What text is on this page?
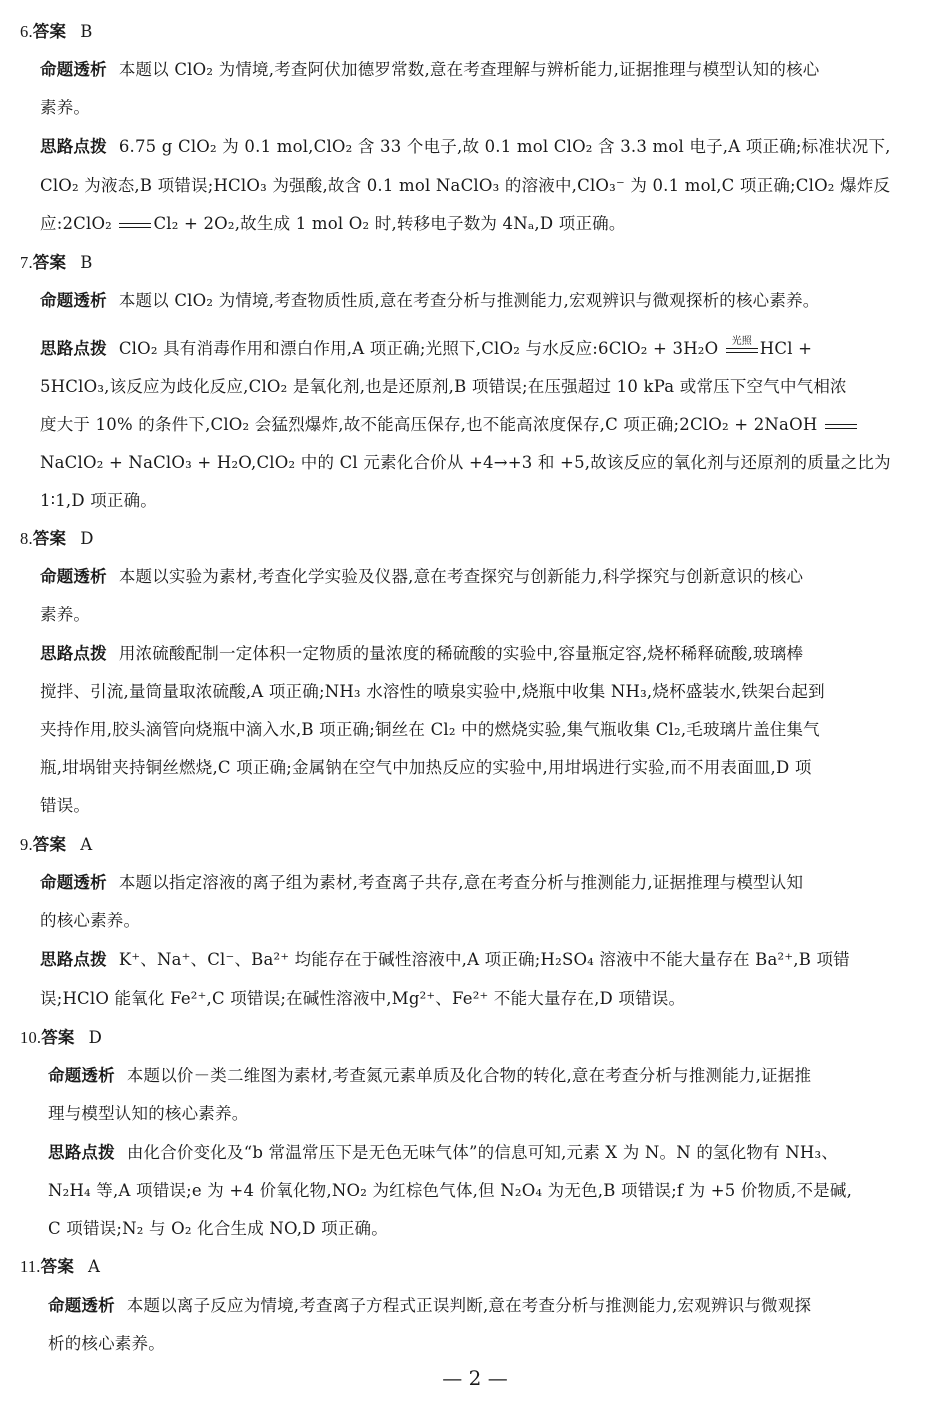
6.答案 B
命题透析 本题以 ClO₂ 为情境,考查阿伏加德罗常数,意在考查理解与辨析能力,证据推理与模型认知的核心
素养。
思路点拨 6.75 g ClO₂ 为 0.1 mol,ClO₂ 含 33 个电子,故 0.1 mol ClO₂ 含 3.3 mol 电子,A 项正确;标准状况下,
ClO₂ 为液态,B 项错误;HClO₃ 为强酸,故含 0.1 mol NaClO₃ 的溶液中,ClO₃⁻ 为 0.1 mol,C 项正确;ClO₂ 爆炸反
应:2ClO₂ Cl₂ + 2O₂,故生成 1 mol O₂ 时,转移电子数为 4Nₐ,D 项正确。
7.答案 B
命题透析 本题以 ClO₂ 为情境,考查物质性质,意在考查分析与推测能力,宏观辨识与微观探析的核心素养。
思路点拨 ClO₂ 具有消毒作用和漂白作用,A 项正确;光照下,ClO₂ 与水反应:6ClO₂ + 3H₂O 光照 HCl +
5HClO₃,该反应为歧化反应,ClO₂ 是氧化剂,也是还原剂,B 项错误;在压强超过 10 kPa 或常压下空气中气相浓
度大于 10% 的条件下,ClO₂ 会猛烈爆炸,故不能高压保存,也不能高浓度保存,C 项正确;2ClO₂ + 2NaOH
NaClO₂ + NaClO₃ + H₂O,ClO₂ 中的 Cl 元素化合价从 +4→+3 和 +5,故该反应的氧化剂与还原剂的质量之比为
1∶1,D 项正确。
8.答案 D
命题透析 本题以实验为素材,考查化学实验及仪器,意在考查探究与创新能力,科学探究与创新意识的核心
素养。
思路点拨 用浓硫酸配制一定体积一定物质的量浓度的稀硫酸的实验中,容量瓶定容,烧杯稀释硫酸,玻璃棒
搅拌、引流,量筒量取浓硫酸,A 项正确;NH₃ 水溶性的喷泉实验中,烧瓶中收集 NH₃,烧杯盛装水,铁架台起到
夹持作用,胶头滴管向烧瓶中滴入水,B 项正确;铜丝在 Cl₂ 中的燃烧实验,集气瓶收集 Cl₂,毛玻璃片盖住集气
瓶,坩埚钳夹持铜丝燃烧,C 项正确;金属钠在空气中加热反应的实验中,用坩埚进行实验,而不用表面皿,D 项
错误。
9.答案 A
命题透析 本题以指定溶液的离子组为素材,考查离子共存,意在考查分析与推测能力,证据推理与模型认知
的核心素养。
思路点拨 K⁺、Na⁺、Cl⁻、Ba²⁺ 均能存在于碱性溶液中,A 项正确;H₂SO₄ 溶液中不能大量存在 Ba²⁺,B 项错
误;HClO 能氧化 Fe²⁺,C 项错误;在碱性溶液中,Mg²⁺、Fe²⁺ 不能大量存在,D 项错误。
10.答案 D
命题透析 本题以价－类二维图为素材,考查氮元素单质及化合物的转化,意在考查分析与推测能力,证据推
理与模型认知的核心素养。
思路点拨 由化合价变化及“b 常温常压下是无色无味气体”的信息可知,元素 X 为 N。N 的氢化物有 NH₃、
N₂H₄ 等,A 项错误;e 为 +4 价氧化物,NO₂ 为红棕色气体,但 N₂O₄ 为无色,B 项错误;f 为 +5 价物质,不是碱,
C 项错误;N₂ 与 O₂ 化合生成 NO,D 项正确。
11.答案 A
命题透析 本题以离子反应为情境,考查离子方程式正误判断,意在考查分析与推测能力,宏观辨识与微观探
析的核心素养。
— 2 —
